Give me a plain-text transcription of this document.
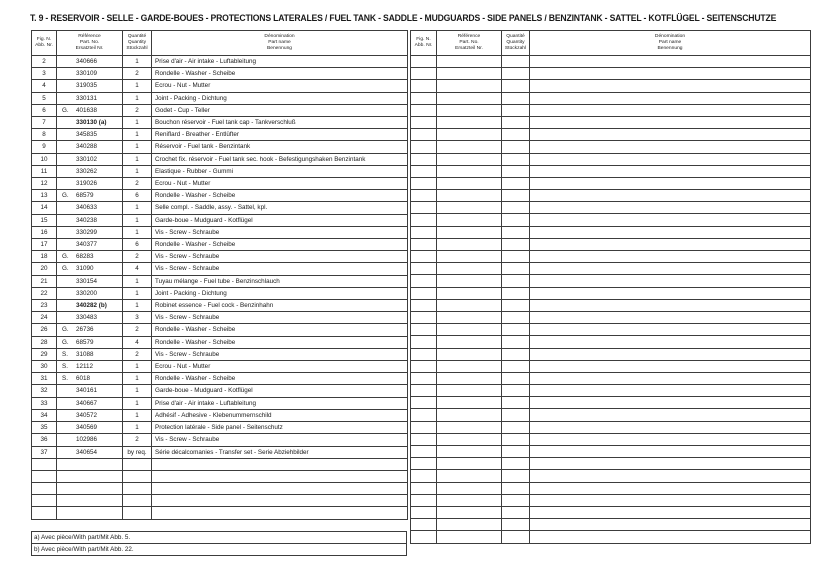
T. 9 - RESERVOIR - SELLE - GARDE-BOUES - PROTECTIONS LATERALES / FUEL TANK - SADDLE - MUDGUARDS - SIDE PANELS / BENZINTANK - SATTEL - KOTFLÜGEL - SEITENSCHUTZE
Fig. N.
Abb. Nr.	Référence
Part. No.
Ersatzteil Nr.	Quantité
Quantity
Stückzahl	Dénomination
Part name
Benennung

2	340666	1	Prise d'air - Air intake - Luftableitung
3	330109	2	Rondelle - Washer - Scheibe
4	319035	1	Ecrou - Nut - Mutter
5	330131	1	Joint - Packing - Dichtung
6	G. 401638	2	Godet - Cup - Teller
7	330130 (a)	1	Bouchon réservoir - Fuel tank cap - Tankverschluß
8	345835	1	Reniflard - Breather - Entlüfter
9	340288	1	Réservoir - Fuel tank - Benzintank
10	330102	1	Crochet fix. réservoir - Fuel tank sec. hook - Befestigungshaken Benzintank
11	330262	1	Elastique - Rubber - Gummi
12	319026	2	Ecrou - Nut - Mutter
13	G. 68579	6	Rondelle - Washer - Scheibe
14	340633	1	Selle compl. - Saddle, assy. - Sattel, kpl.
15	340238	1	Garde-boue - Mudguard - Kotflügel
16	330299	1	Vis - Screw - Schraube
17	340377	6	Rondelle - Washer - Scheibe
18	G. 68283	2	Vis - Screw - Schraube
20	G. 31090	4	Vis - Screw - Schraube
21	330154	1	Tuyau mélange - Fuel tube - Benzinschlauch
22	330200	1	Joint - Packing - Dichtung
23	340282 (b)	1	Robinet essence - Fuel cock - Benzinhahn
24	330483	3	Vis - Screw - Schraube
26	G. 26736	2	Rondelle - Washer - Scheibe
28	G. 68579	4	Rondelle - Washer - Scheibe
29	S. 31088	2	Vis - Screw - Schraube
30	S. 12112	1	Ecrou - Nut - Mutter
31	S. 6018	1	Rondelle - Washer - Scheibe
32	340161	1	Garde-boue - Mudguard - Kotflügel
33	340667	1	Prise d'air - Air intake - Luftableitung
34	340572	1	Adhésif - Adhesive - Klebenummernschild
35	340569	1	Protection latérale - Side panel - Seitenschutz
36	102986	2	Vis - Screw - Schraube
37	340654	by req.	Série décalcomanies - Transfer set - Serie Abziehbilder

Fig. N.
Abb. Nr.	Référence
Part. No.
Ersatzteil Nr.	Quantité
Quantity
Stückzahl	Dénomination
Part name
Benennung

a) Avec pièce/With part/Mit Abb. 5.
b) Avec pièce/With part/Mit Abb. 22.
